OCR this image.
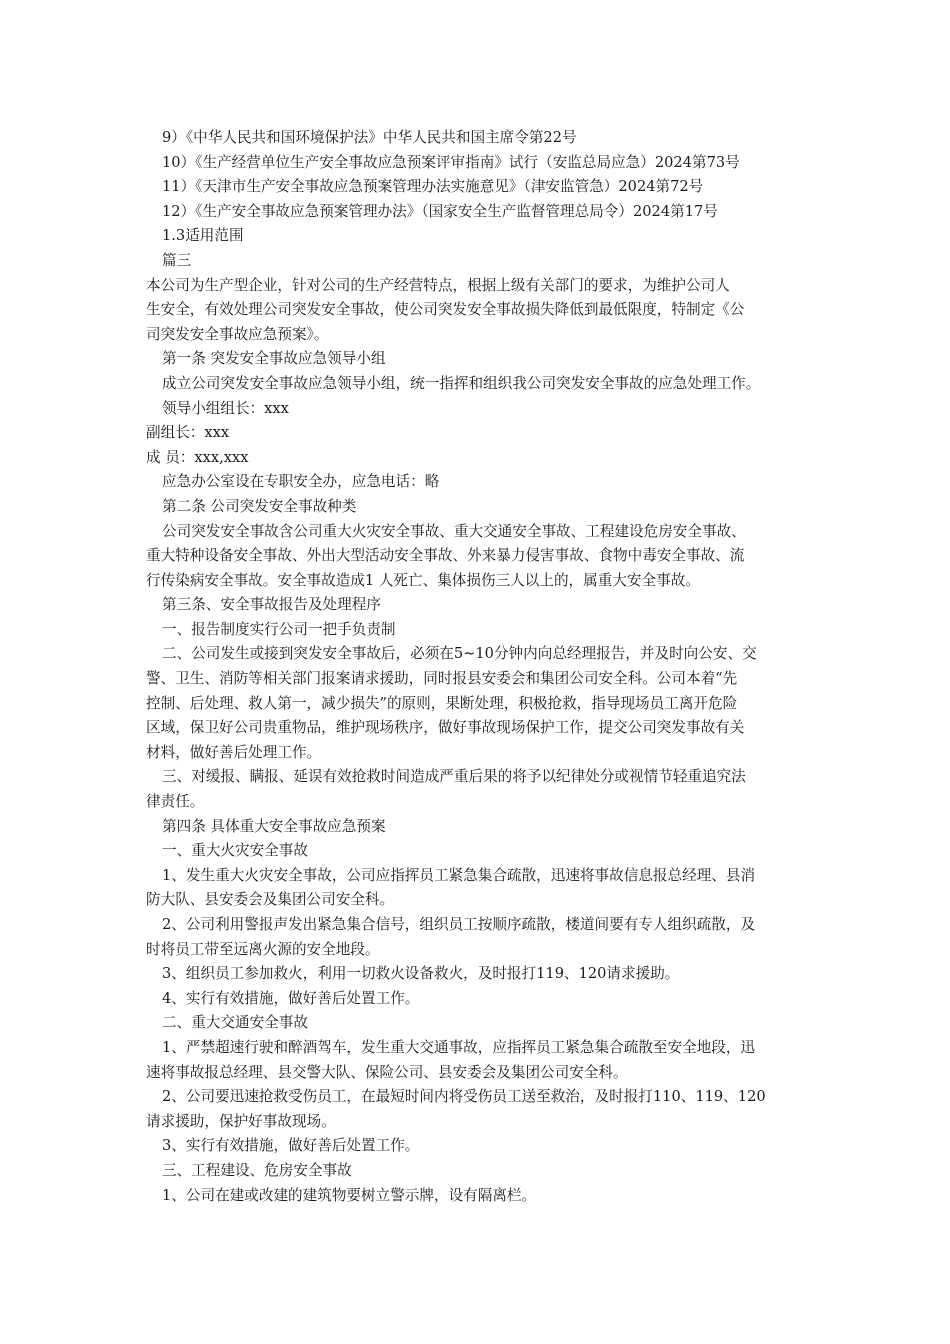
9）《中华人民共和国环境保护法》中华人民共和国主席令第22号
10）《生产经营单位生产安全事故应急预案评审指南》试行（安监总局应急）2024第73号
11）《天津市生产安全事故应急预案管理办法实施意见》（津安监管急）2024第72号
12）《生产安全事故应急预案管理办法》（国家安全生产监督管理总局令）2024第17号
1.3适用范围
篇三
本公司为生产型企业，针对公司的生产经营特点，根据上级有关部门的要求，为维护公司人
生安全，有效处理公司突发安全事故，使公司突发安全事故损失降低到最低限度，特制定《公
司突发安全事故应急预案》。
第一条 突发安全事故应急领导小组
成立公司突发安全事故应急领导小组，统一指挥和组织我公司突发安全事故的应急处理工作。
领导小组组长：xxx
副组长：xxx
成 员：xxx,xxx
应急办公室设在专职安全办，应急电话：略
第二条 公司突发安全事故种类
公司突发安全事故含公司重大火灾安全事故、重大交通安全事故、工程建设危房安全事故、
重大特种设备安全事故、外出大型活动安全事故、外来暴力侵害事故、食物中毒安全事故、流
行传染病安全事故。安全事故造成1 人死亡、集体损伤三人以上的，属重大安全事故。
第三条、安全事故报告及处理程序
一、报告制度实行公司一把手负责制
二、公司发生或接到突发安全事故后，必须在5~10分钟内向总经理报告，并及时向公安、交
警、卫生、消防等相关部门报案请求援助，同时报县安委会和集团公司安全科。公司本着“先
控制、后处理、救人第一，减少损失”的原则，果断处理，积极抢救，指导现场员工离开危险
区域，保卫好公司贵重物品，维护现场秩序，做好事故现场保护工作，提交公司突发事故有关
材料，做好善后处理工作。
三、对缓报、瞒报、延误有效抢救时间造成严重后果的将予以纪律处分或视情节轻重追究法
律责任。
第四条 具体重大安全事故应急预案
一、重大火灾安全事故
1、发生重大火灾安全事故，公司应指挥员工紧急集合疏散，迅速将事故信息报总经理、县消
防大队、县安委会及集团公司安全科。
2、公司利用警报声发出紧急集合信号，组织员工按顺序疏散，楼道间要有专人组织疏散，及
时将员工带至远离火源的安全地段。
3、组织员工参加救火，利用一切救火设备救火，及时报打119、120请求援助。
4、实行有效措施，做好善后处置工作。
二、重大交通安全事故
1、严禁超速行驶和醉酒驾车，发生重大交通事故，应指挥员工紧急集合疏散至安全地段，迅
速将事故报总经理、县交警大队、保险公司、县安委会及集团公司安全科。
2、公司要迅速抢救受伤员工，在最短时间内将受伤员工送至救治，及时报打110、119、120
请求援助，保护好事故现场。
3、实行有效措施，做好善后处置工作。
三、工程建设、危房安全事故
1、公司在建或改建的建筑物要树立警示牌，设有隔离栏。
